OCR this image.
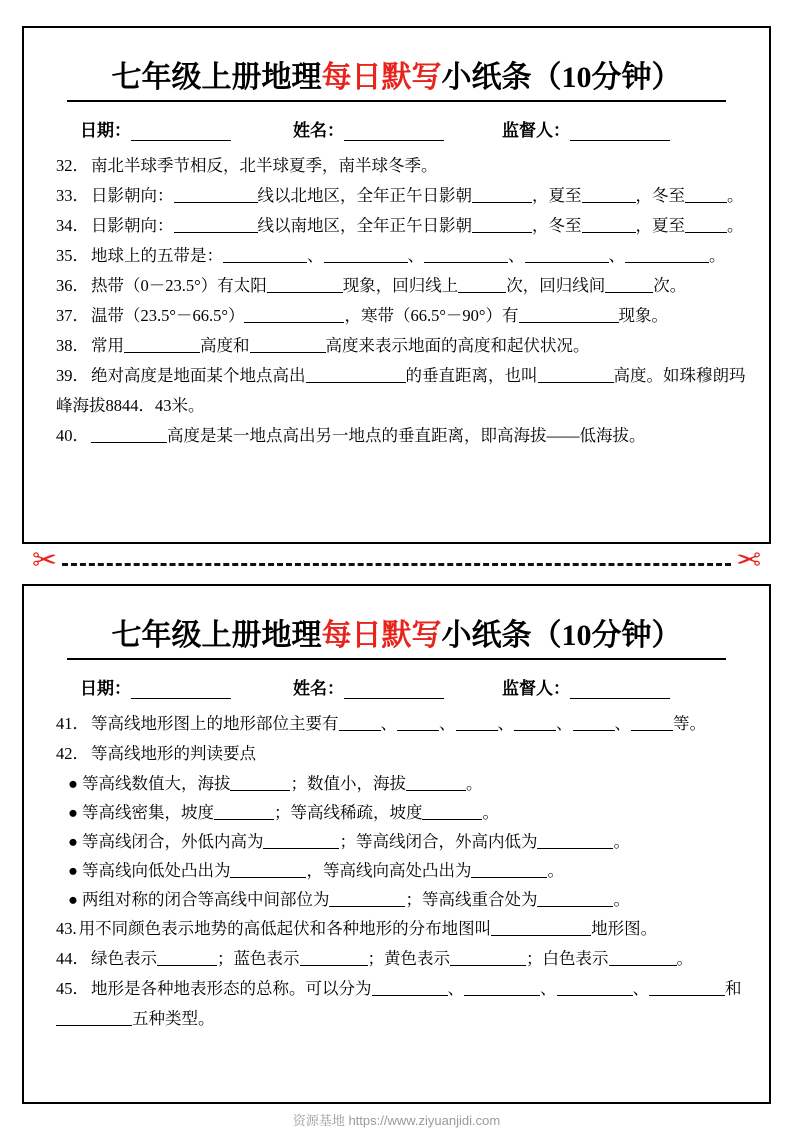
七年级上册地理每日默写小纸条（10分钟）
日期：	姓名：	监督人：
32． 南北半球季节相反，北半球夏季，南半球冬季。
33． 日影朝向：	线以北地区，全年正午日影朝	，夏至	，冬至	。
34． 日影朝向：	线以南地区，全年正午日影朝	，冬至	，夏至	。
35． 地球上的五带是：	、	、	、	、	。
36． 热带（0－23.5°）有太阳	现象，回归线上	次，回归线间	次。
37． 温带（23.5°－66.5°）	，寒带（66.5°－90°）有	现象。
38． 常用	高度和	高度来表示地面的高度和起伏状况。
39． 绝对高度是地面某个地点高出	的垂直距离，也叫	高度。如珠穆朗玛峰海拔8844．43米。
40．	高度是某一地点高出另一地点的垂直距离，即高海拔——低海拔。
✂	✂
七年级上册地理每日默写小纸条（10分钟）
日期：	姓名：	监督人：
41． 等高线地形图上的地形部位主要有	、	、	、	、	、	等。
42． 等高线地形的判读要点
● 等高线数值大，海拔	；数值小，海拔	。
● 等高线密集，坡度	；等高线稀疏，坡度	。
● 等高线闭合，外低内高为	；等高线闭合，外高内低为	。
● 等高线向低处凸出为	，等高线向高处凸出为	。
● 两组对称的闭合等高线中间部位为	；等高线重合处为	。
43. 用不同颜色表示地势的高低起伏和各种地形的分布地图叫	地形图。
44． 绿色表示	；蓝色表示	；黄色表示	；白色表示	。
45． 地形是各种地表形态的总称。可以分为	、	、	、	和
五种类型。
资源基地 https://www.ziyuanjidi.com
